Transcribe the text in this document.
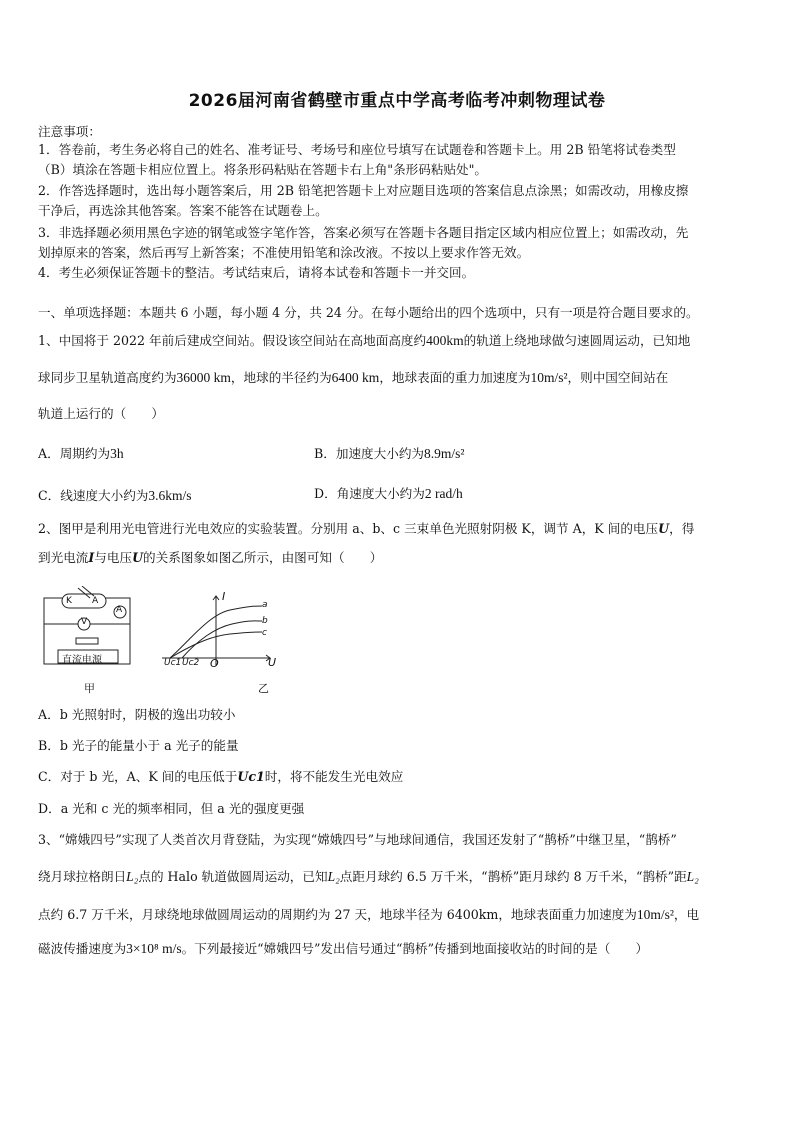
2026届河南省鹤壁市重点中学高考临考冲刺物理试卷
注意事项：
1．答卷前，考生务必将自己的姓名、准考证号、考场号和座位号填写在试题卷和答题卡上。用 2B 铅笔将试卷类型
（B）填涂在答题卡相应位置上。将条形码粘贴在答题卡右上角"条形码粘贴处"。
2．作答选择题时，选出每小题答案后，用 2B 铅笔把答题卡上对应题目选项的答案信息点涂黑；如需改动，用橡皮擦
干净后，再选涂其他答案。答案不能答在试题卷上。
3．非选择题必须用黑色字迹的钢笔或签字笔作答，答案必须写在答题卡各题目指定区域内相应位置上；如需改动，先
划掉原来的答案，然后再写上新答案；不准使用铅笔和涂改液。不按以上要求作答无效。
4．考生必须保证答题卡的整洁。考试结束后，请将本试卷和答题卡一并交回。
一、单项选择题：本题共 6 小题，每小题 4 分，共 24 分。在每小题给出的四个选项中，只有一项是符合题目要求的。
1、中国将于 2022 年前后建成空间站。假设该空间站在高地面高度约400km的轨道上绕地球做匀速圆周运动，已知地
球同步卫星轨道高度约为36000 km，地球的半径约为6400 km，地球表面的重力加速度为10m/s²，则中国空间站在
轨道上运行的（　　）
A．周期约为3h	B．加速度大小约为8.9m/s²
C．线速度大小约为3.6km/s	D．角速度大小约为2 rad/h
2、图甲是利用光电管进行光电效应的实验装置。分别用 a、b、c 三束单色光照射阴极 K，调节 A，K 间的电压U，得
到光电流I与电压U的关系图象如图乙所示，由图可知（　　）
K A
A
V
直流电源
甲
I
U
O
Uc1 Uc2
a
b
c
乙
A．b 光照射时，阴极的逸出功较小
B．b 光子的能量小于 a 光子的能量
C．对于 b 光，A、K 间的电压低于Uc1时，将不能发生光电效应
D．a 光和 c 光的频率相同，但 a 光的强度更强
3、“嫦娥四号”实现了人类首次月背登陆，为实现“嫦娥四号”与地球间通信，我国还发射了“鹊桥”中继卫星，“鹊桥”
绕月球拉格朗日L₂点的 Halo 轨道做圆周运动，已知L₂点距月球约 6.5 万千米，“鹊桥”距月球约 8 万千米，“鹊桥”距L₂
点约 6.7 万千米，月球绕地球做圆周运动的周期约为 27 天，地球半径为 6400km，地球表面重力加速度为10m/s²，电
磁波传播速度为3×10⁸ m/s。下列最接近“嫦娥四号”发出信号通过“鹊桥”传播到地面接收站的时间的是（　　）
